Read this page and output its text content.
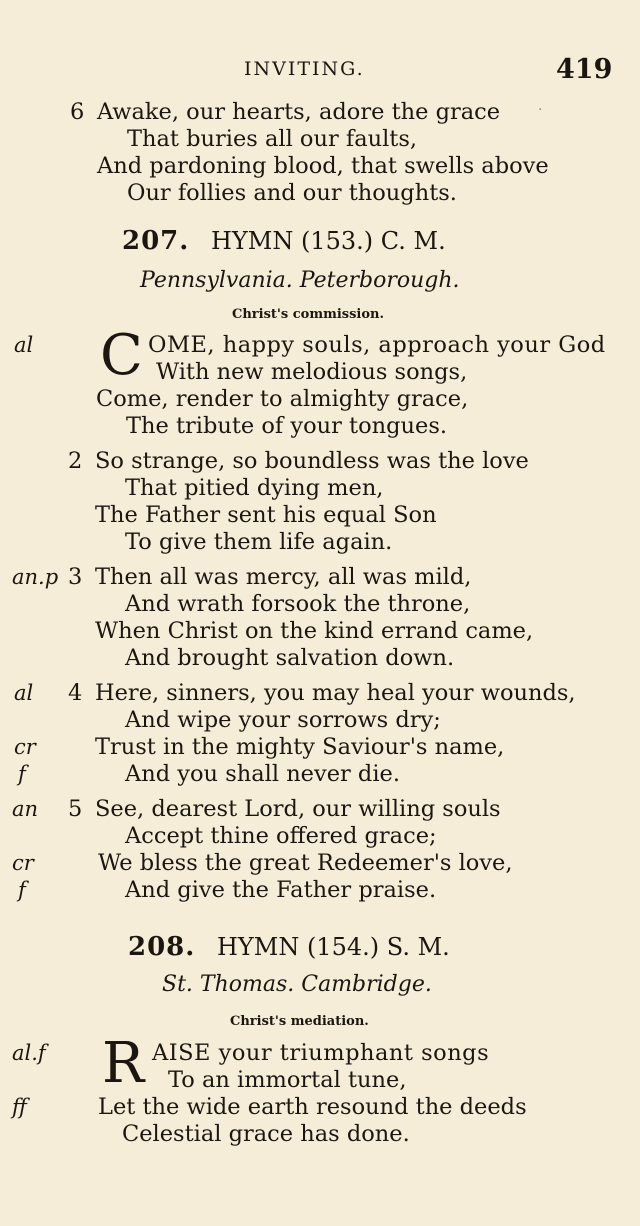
INVITING.	419
6 Awake, our hearts, adore the grace	·
That buries all our faults,
And pardoning blood, that swells above
Our follies and our thoughts.
207. HYMN (153.) C. M.
Pennsylvania. Peterborough.
Christ's commission.
al C OME, happy souls, approach your God
With new melodious songs,
Come, render to almighty grace,
The tribute of your tongues.
2 So strange, so boundless was the love
That pitied dying men,
The Father sent his equal Son
To give them life again.
an.p 3 Then all was mercy, all was mild,
And wrath forsook the throne,
When Christ on the kind errand came,
And brought salvation down.
al 4 Here, sinners, you may heal your wounds,
And wipe your sorrows dry;
cr	Trust in the mighty Saviour's name,
f	And you shall never die.
an 5 See, dearest Lord, our willing souls
Accept thine offered grace;
cr	We bless the great Redeemer's love,
f	And give the Father praise.
208. HYMN (154.) S. M.
St. Thomas. Cambridge.
Christ's mediation.
al.f R AISE your triumphant songs
To an immortal tune,
ff	Let the wide earth resound the deeds
Celestial grace has done.
